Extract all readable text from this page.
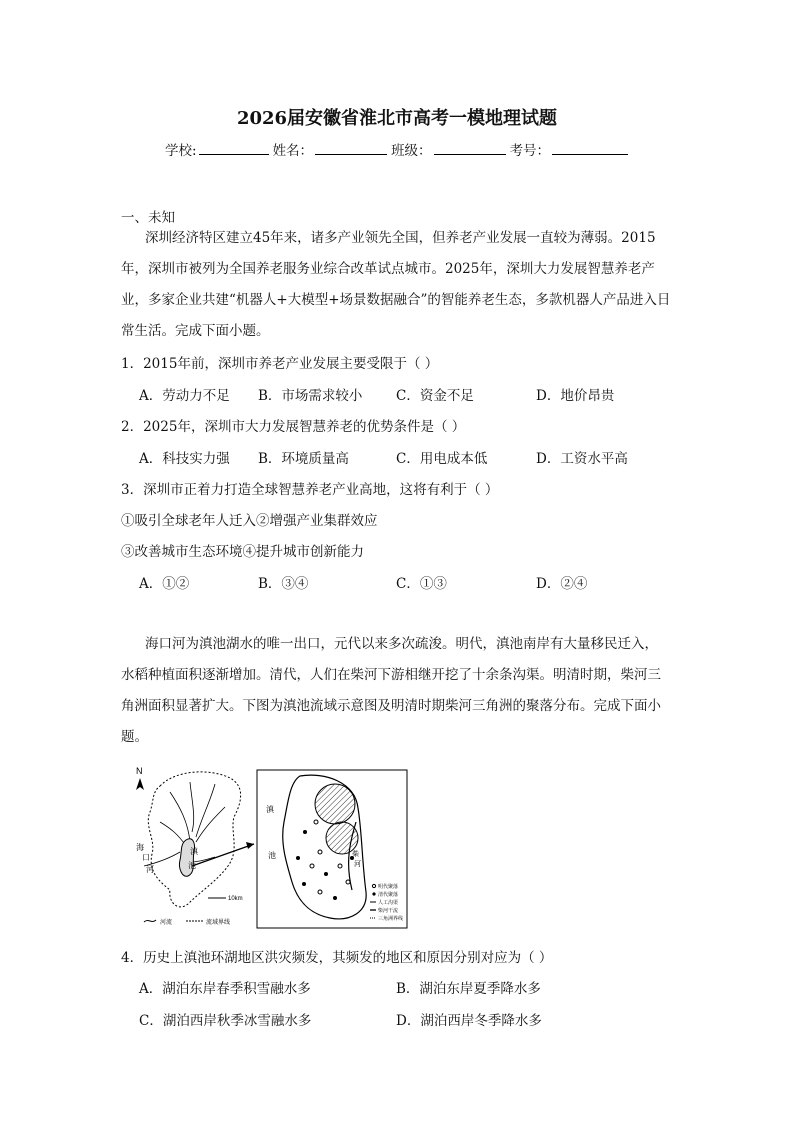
2026届安徽省淮北市高考一模地理试题
学校:	姓名：	班级：	考号：
一、未知
深圳经济特区建立45年来，诸多产业领先全国，但养老产业发展一直较为薄弱。2015
年，深圳市被列为全国养老服务业综合改革试点城市。2025年，深圳大力发展智慧养老产
业，多家企业共建“机器人+大模型+场景数据融合”的智能养老生态，多款机器人产品进入日
常生活。完成下面小题。
1．2015年前，深圳市养老产业发展主要受限于（ ）
A．劳动力不足 B．市场需求较小 C．资金不足	D．地价昂贵
2．2025年，深圳市大力发展智慧养老的优势条件是（ ）
A．科技实力强 B．环境质量高	C．用电成本低	D．工资水平高
3．深圳市正着力打造全球智慧养老产业高地，这将有利于（ ）
①吸引全球老年人迁入②增强产业集群效应
③改善城市生态环境④提升城市创新能力
A．①②	B．③④	C．①③	D．②④
海口河为滇池湖水的唯一出口，元代以来多次疏浚。明代，滇池南岸有大量移民迁入，
水稻种植面积逐渐增加。清代，人们在柴河下游相继开挖了十余条沟渠。明清时期，柴河三
角洲面积显著扩大。下图为滇池流域示意图及明清时期柴河三角洲的聚落分布。完成下面小
题。
N
滇
池
海
口
河
10km
河流	流域界线
滇
池	柴
河
明代聚落
清代聚落
人工沟渠
柴河干流
三角洲界线
4．历史上滇池环湖地区洪灾频发，其频发的地区和原因分别对应为（ ）
A．湖泊东岸春季积雪融水多	B．湖泊东岸夏季降水多
C．湖泊西岸秋季冰雪融水多	D．湖泊西岸冬季降水多
